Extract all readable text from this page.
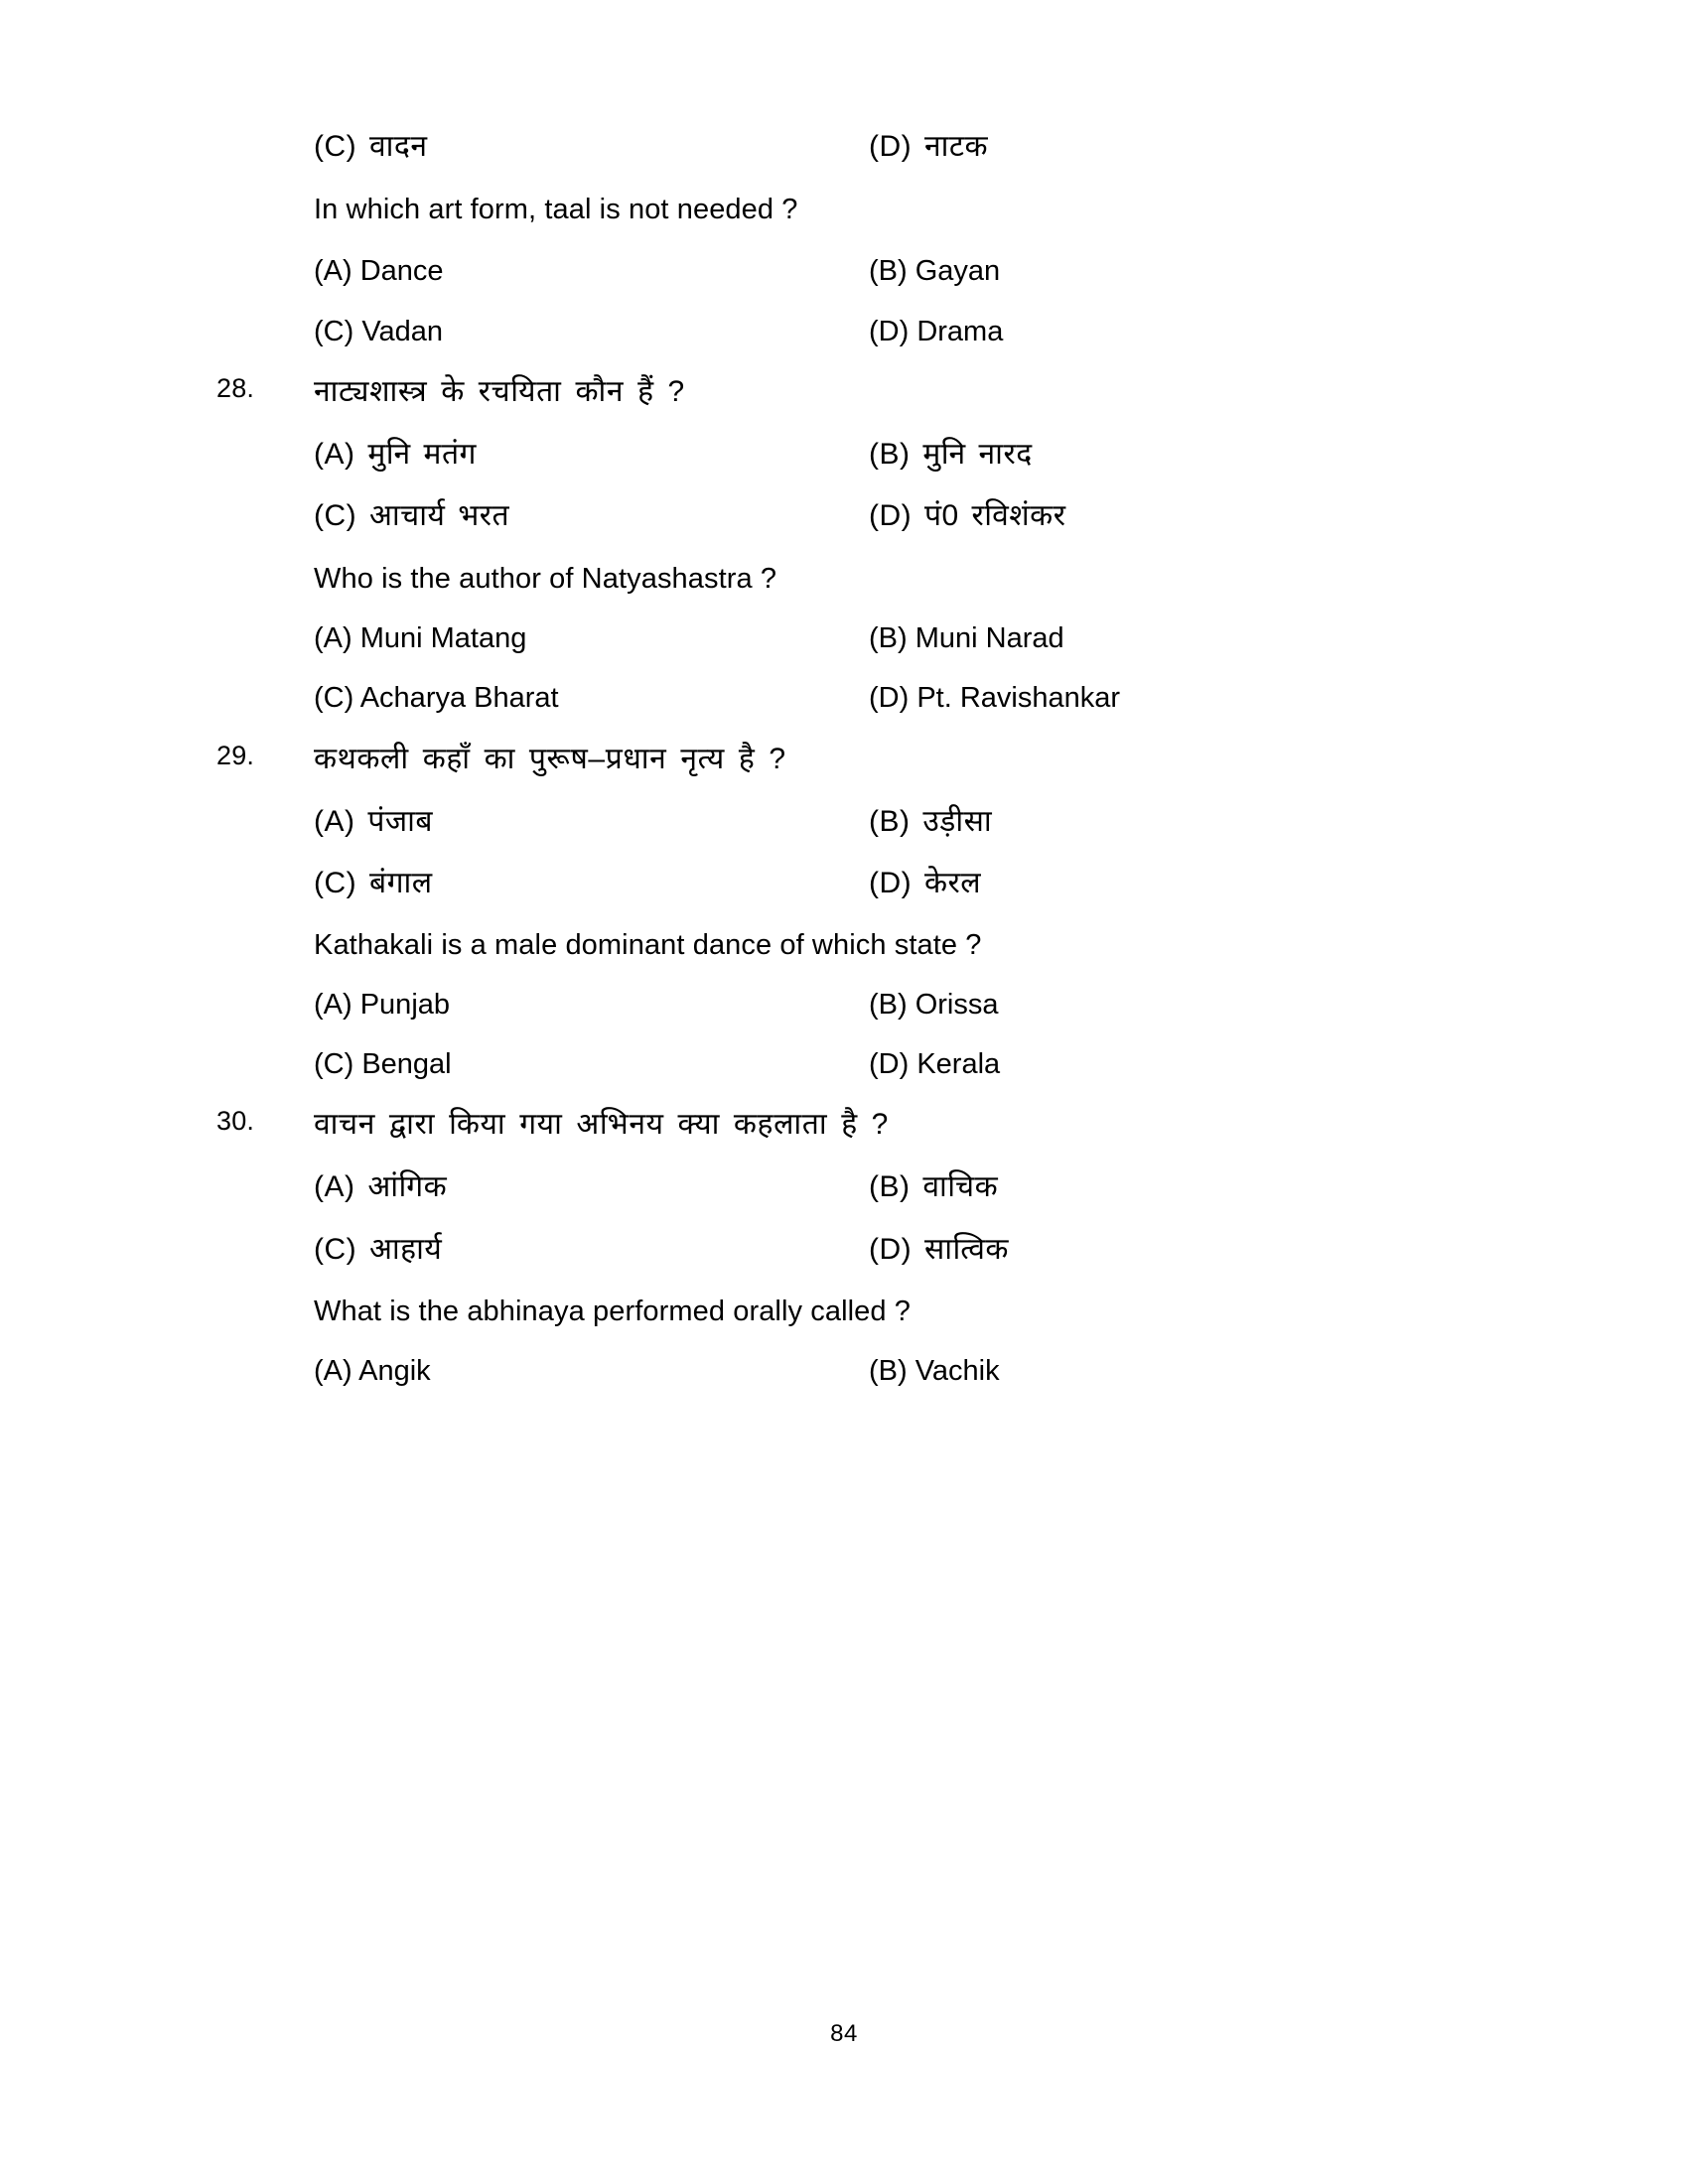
(C) वादन	(D) नाटक
In which art form, taal is not needed ?
(A) Dance	(B) Gayan
(C) Vadan	(D) Drama
28.	नाट्यशास्त्र के रचयिता कौन हैं ?
(A) मुनि मतंग	(B) मुनि नारद
(C) आचार्य भरत	(D) पं0 रविशंकर
Who is the author of Natyashastra ?
(A) Muni Matang	(B) Muni Narad
(C) Acharya Bharat	(D) Pt. Ravishankar
29.	कथकली कहाँ का पुरूष–प्रधान नृत्य है ?
(A) पंजाब	(B) उड़ीसा
(C) बंगाल	(D) केरल
Kathakali is a male dominant dance of which state ?
(A) Punjab	(B) Orissa
(C) Bengal	(D) Kerala
30.	वाचन द्वारा किया गया अभिनय क्या कहलाता है ?
(A) आंगिक	(B) वाचिक
(C) आहार्य	(D) सात्विक
What is the abhinaya performed orally called ?
(A) Angik	(B) Vachik
84
